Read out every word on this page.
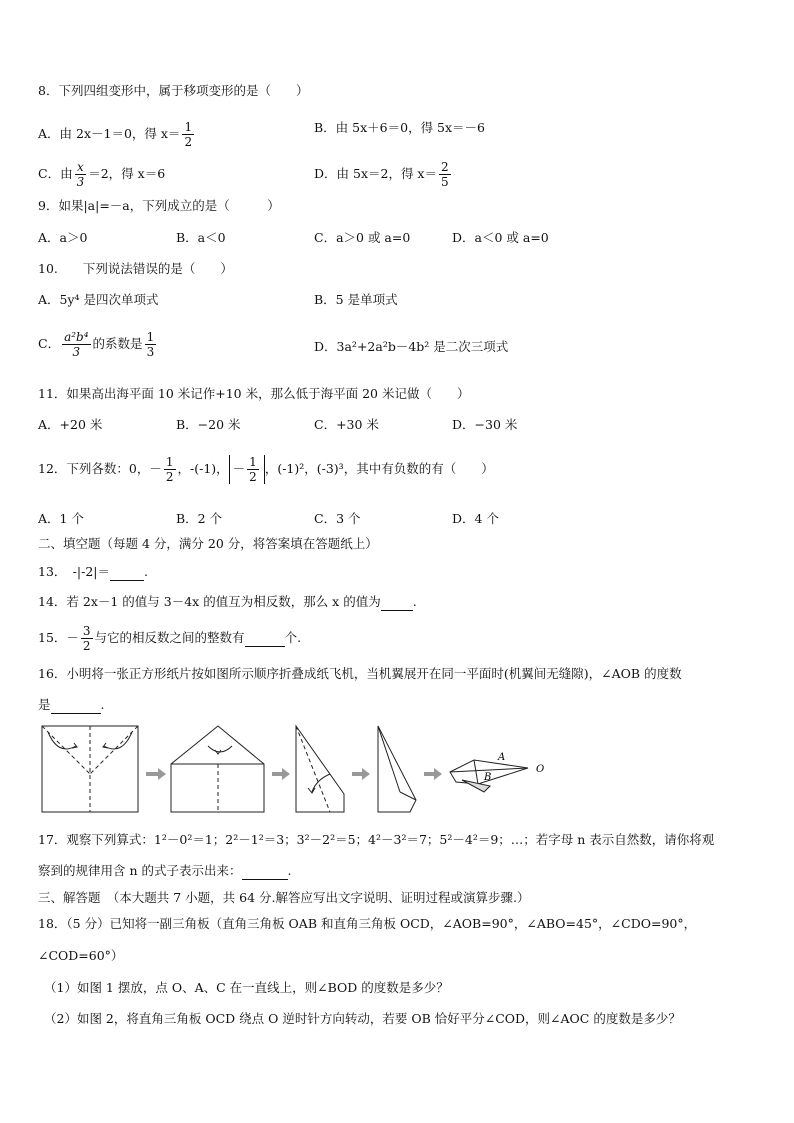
8．下列四组变形中，属于移项变形的是（　　）
A．由 2x－1＝0，得 $x= \frac{1}{2}$	B．由 5x＋6＝0，得 5x＝－6
C．由 $\frac{x}{3} =2$，得 x＝6	D．由 5x＝2，得 $x= \frac{2}{5}$
9．如果|a|=－a，下列成立的是（　　　）
A．a＞0	B．a＜0	C．a＞0 或 a=0	D．a＜0 或 a=0
10.　　下列说法错误的是（　　）
A．5y⁴ 是四次单项式	B．5 是单项式
C． $\frac{\text{a²b⁴}}{3}$ 的系数是 $\frac{1}{3}$	D．3a²+2a²b－4b² 是二次三项式
11．如果高出海平面 10 米记作+10 米，那么低于海平面 20 米记做（　　）
A．+20 米	B．−20 米	C．+30 米	D．−30 米
12．下列各数：0，－ $\frac{1}{2}$ ，-(-1)， － $\frac{1}{2}$ ，(-1)²，(-3)³，其中有负数的有（　　）
A．1 个	B．2 个	C．3 个	D．4 个
二、填空题（每题 4 分，满分 20 分，将答案填在答题纸上）
13．　-|-2|＝	.
14．若 2x－1 的值与 3－4x 的值互为相反数，那么 x 的值为	.
15．－ $\frac{3}{2}$ 与它的相反数之间的整数有	个.
16．小明将一张正方形纸片按如图所示顺序折叠成纸飞机，当机翼展开在同一平面时(机翼间无缝隙)，∠AOB 的度数
是	.
A
B
O
17．观察下列算式：1²－0²＝1；2²－1²＝3；3²－2²＝5；4²－3²＝7；5²－4²＝9；…；若字母 n 表示自然数，请你将观
察到的规律用含 n 的式子表示出来：	.
三、解答题　（本大题共 7 小题，共 64 分.解答应写出文字说明、证明过程或演算步骤.）
18．（5 分）已知将一副三角板（直角三角板 OAB 和直角三角板 OCD，∠AOB=90°，∠ABO=45°，∠CDO=90°，
∠COD=60°）
（1）如图 1 摆放，点 O、A、C 在一直线上，则∠BOD 的度数是多少？
（2）如图 2，将直角三角板 OCD 绕点 O 逆时针方向转动，若要 OB 恰好平分∠COD，则∠AOC 的度数是多少？
